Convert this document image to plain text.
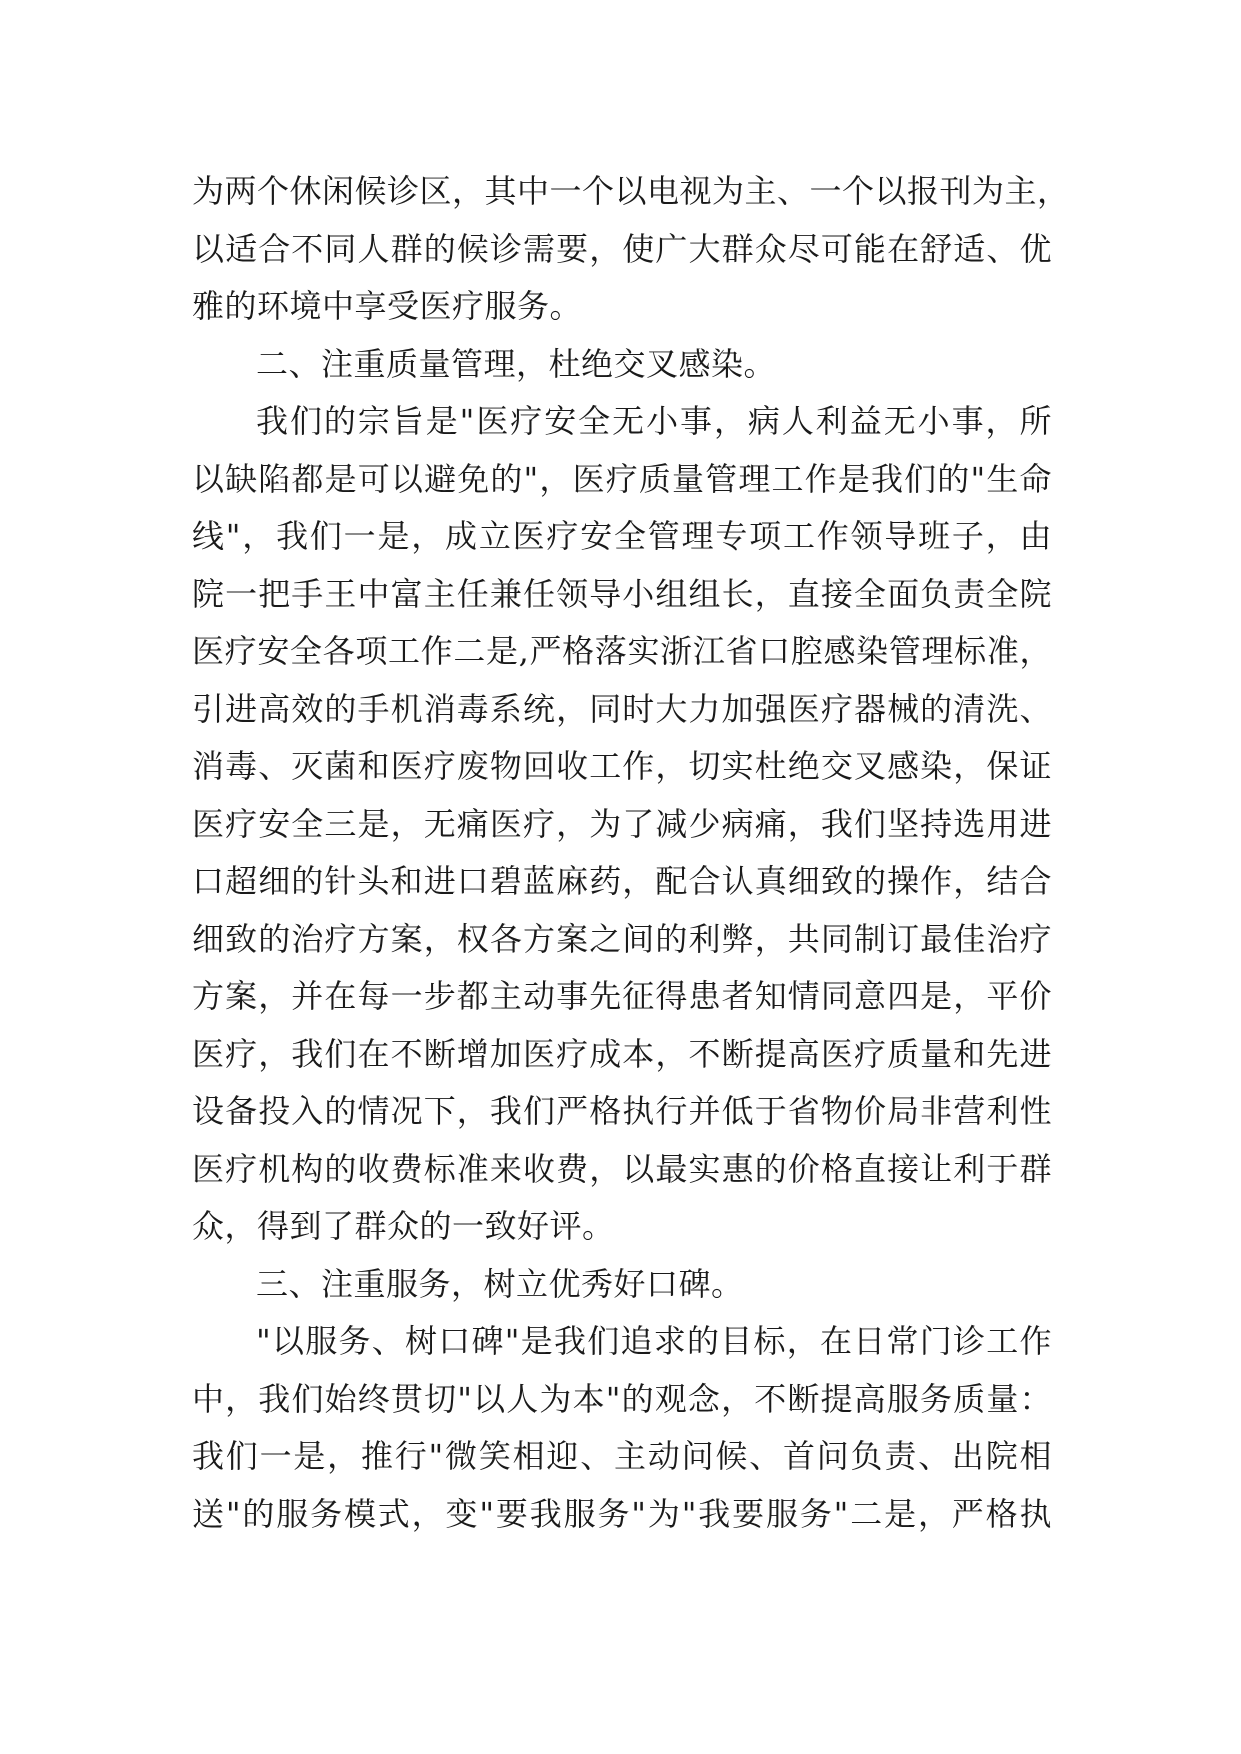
为两个休闲候诊区，其中一个以电视为主、一个以报刊为主，
以适合不同人群的候诊需要，使广大群众尽可能在舒适、优
雅的环境中享受医疗服务。
二、注重质量管理，杜绝交叉感染。
我们的宗旨是"医疗安全无小事，病人利益无小事，所
以缺陷都是可以避免的"，医疗质量管理工作是我们的"生命
线"，我们一是，成立医疗安全管理专项工作领导班子，由
院一把手王中富主任兼任领导小组组长，直接全面负责全院
医疗安全各项工作二是,严格落实浙江省口腔感染管理标准，
引进高效的手机消毒系统，同时大力加强医疗器械的清洗、
消毒、灭菌和医疗废物回收工作，切实杜绝交叉感染，保证
医疗安全三是，无痛医疗，为了减少病痛，我们坚持选用进
口超细的针头和进口碧蓝麻药，配合认真细致的操作，结合
细致的治疗方案，权各方案之间的利弊，共同制订最佳治疗
方案，并在每一步都主动事先征得患者知情同意四是，平价
医疗，我们在不断增加医疗成本，不断提高医疗质量和先进
设备投入的情况下，我们严格执行并低于省物价局非营利性
医疗机构的收费标准来收费，以最实惠的价格直接让利于群
众，得到了群众的一致好评。
三、注重服务，树立优秀好口碑。
"以服务、树口碑"是我们追求的目标，在日常门诊工作
中，我们始终贯切"以人为本"的观念，不断提高服务质量：
我们一是，推行"微笑相迎、主动问候、首问负责、出院相
送"的服务模式，变"要我服务"为"我要服务"二是，严格执
